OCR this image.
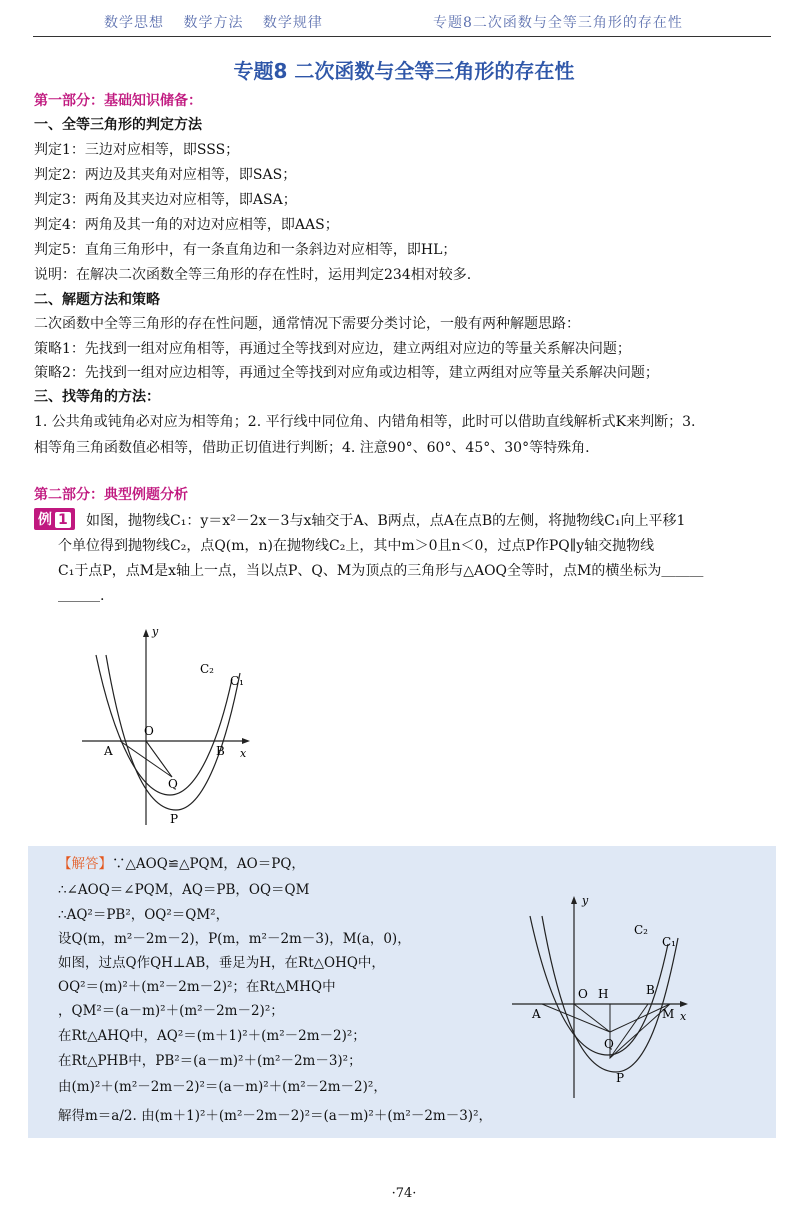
数学思想 数学方法 数学规律	专题8二次函数与全等三角形的存在性
专题8 二次函数与全等三角形的存在性
第一部分：基础知识储备：
一、全等三角形的判定方法
判定1：三边对应相等，即SSS；
判定2：两边及其夹角对应相等，即SAS；
判定3：两角及其夹边对应相等，即ASA；
判定4：两角及其一角的对边对应相等，即AAS；
判定5：直角三角形中，有一条直角边和一条斜边对应相等，即HL；
说明：在解决二次函数全等三角形的存在性时，运用判定234相对较多.
二、解题方法和策略
二次函数中全等三角形的存在性问题，通常情况下需要分类讨论，一般有两种解题思路：
策略1：先找到一组对应角相等，再通过全等找到对应边，建立两组对应边的等量关系解决问题；
策略2：先找到一组对应边相等，再通过全等找到对应角或边相等，建立两组对应等量关系解决问题；
三、找等角的方法：
1. 公共角或钝角必对应为相等角；2. 平行线中同位角、内错角相等，此时可以借助直线解析式K来判断；3.
相等角三角函数值必相等，借助正切值进行判断；4. 注意90°、60°、45°、30°等特殊角.
第二部分：典型例题分析
例 1	如图，抛物线C₁：y＝x²－2x－3与x轴交于A、B两点，点A在点B的左侧，将抛物线C₁向上平移1
个单位得到抛物线C₂，点Q(m，n)在抛物线C₂上，其中m＞0且n＜0，过点P作PQ∥y轴交抛物线
C₁于点P，点M是x轴上一点，当以点P、Q、M为顶点的三角形与△AOQ全等时，点M的横坐标为＿＿＿
＿＿＿.
y
x
O
A	B
Q
P
C₂
C₁
【解答】∵△AOQ≌△PQM，AO＝PQ，
∴∠AOQ＝∠PQM，AQ＝PB，OQ＝QM
∴AQ²＝PB²，OQ²＝QM²，
设Q(m，m²－2m－2)，P(m，m²－2m－3)，M(a，0)，
如图，过点Q作QH⊥AB，垂足为H，在Rt△OHQ中，
OQ²＝(m)²＋(m²－2m－2)²；在Rt△MHQ中
，QM²＝(a－m)²＋(m²－2m－2)²；
在Rt△AHQ中，AQ²＝(m＋1)²＋(m²－2m－2)²；
在Rt△PHB中，PB²＝(a－m)²＋(m²－2m－3)²；
由(m)²＋(m²－2m－2)²＝(a－m)²＋(m²－2m－2)²，
解得m＝a/2. 由(m＋1)²＋(m²－2m－2)²＝(a－m)²＋(m²－2m－3)²，
y
x
O H
A
B
M
Q
P
C₂
C₁
·74·
